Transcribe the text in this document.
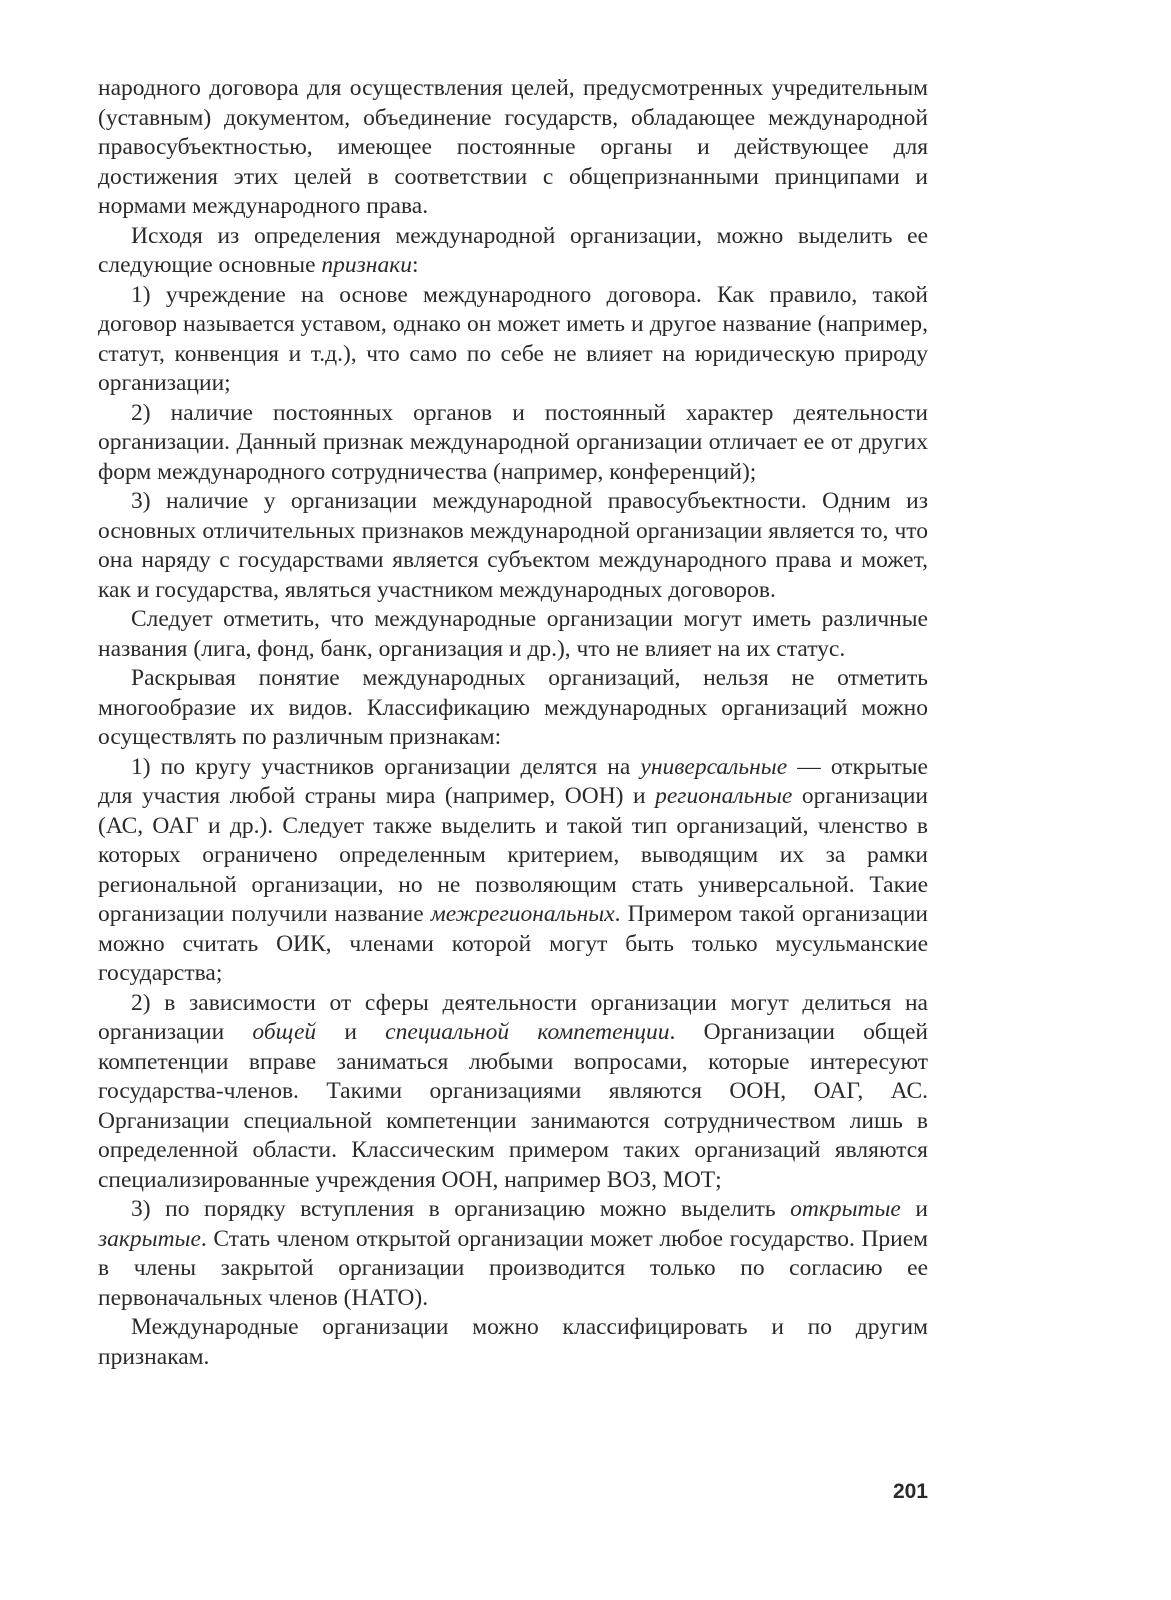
народного договора для осуществления целей, предусмотренных учредительным (уставным) документом, объединение государств, обладающее международной правосубъектностью, имеющее постоянные органы и действующее для достижения этих целей в соответствии с общепризнанными принципами и нормами международного права.

Исходя из определения международной организации, можно выделить ее следующие основные признаки:

1) учреждение на основе международного договора. Как правило, такой договор называется уставом, однако он может иметь и другое название (например, статут, конвенция и т.д.), что само по себе не влияет на юридическую природу организации;

2) наличие постоянных органов и постоянный характер деятельности организации. Данный признак международной организации отличает ее от других форм международного сотрудничества (например, конференций);

3) наличие у организации международной правосубъектности. Одним из основных отличительных признаков международной организации является то, что она наряду с государствами является субъектом международного права и может, как и государства, являться участником международных договоров.

Следует отметить, что международные организации могут иметь различные названия (лига, фонд, банк, организация и др.), что не влияет на их статус.

Раскрывая понятие международных организаций, нельзя не отметить многообразие их видов. Классификацию международных организаций можно осуществлять по различным признакам:

1) по кругу участников организации делятся на универсальные — открытые для участия любой страны мира (например, ООН) и региональные организации (АС, ОАГ и др.). Следует также выделить и такой тип организаций, членство в которых ограничено определенным критерием, выводящим их за рамки региональной организации, но не позволяющим стать универсальной. Такие организации получили название межрегиональных. Примером такой организации можно считать ОИК, членами которой могут быть только мусульманские государства;

2) в зависимости от сферы деятельности организации могут делиться на организации общей и специальной компетенции. Организации общей компетенции вправе заниматься любыми вопросами, которые интересуют государства-членов. Такими организациями являются ООН, ОАГ, АС. Организации специальной компетенции занимаются сотрудничеством лишь в определенной области. Классическим примером таких организаций являются специализированные учреждения ООН, например ВОЗ, МОТ;

3) по порядку вступления в организацию можно выделить открытые и закрытые. Стать членом открытой организации может любое государство. Прием в члены закрытой организации производится только по согласию ее первоначальных членов (НАТО).

Международные организации можно классифицировать и по другим признакам.

201
